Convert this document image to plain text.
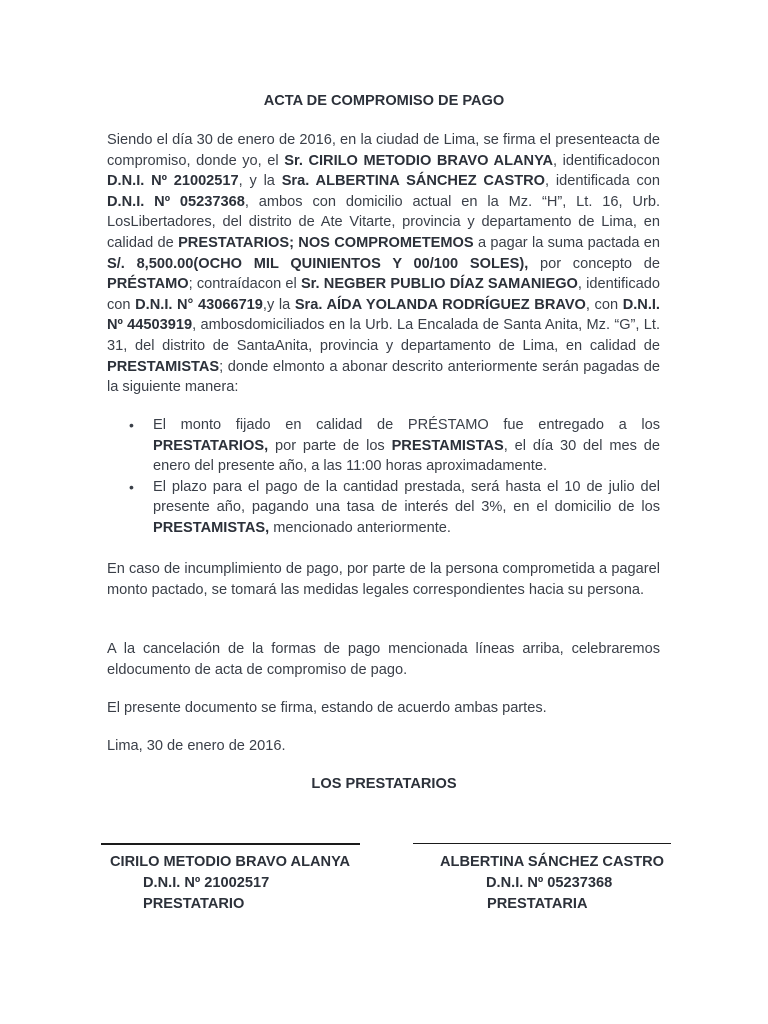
ACTA DE COMPROMISO DE PAGO

Siendo el día 30 de enero de 2016, en la ciudad de Lima, se firma el presenteacta de compromiso, donde yo, el Sr. CIRILO METODIO BRAVO ALANYA, identificadocon D.N.I. Nº 21002517, y la Sra. ALBERTINA SÁNCHEZ CASTRO, identificada con D.N.I. Nº 05237368, ambos con domicilio actual en la Mz. “H”, Lt. 16, Urb. LosLibertadores, del distrito de Ate Vitarte, provincia y departamento de Lima, en calidad de PRESTATARIOS; NOS COMPROMETEMOS a pagar la suma pactada en S/. 8,500.00(OCHO MIL QUINIENTOS Y 00/100 SOLES), por concepto de PRÉSTAMO; contraídacon el Sr. NEGBER PUBLIO DÍAZ SAMANIEGO, identificado con D.N.I. N° 43066719,y la Sra. AÍDA YOLANDA RODRÍGUEZ BRAVO, con D.N.I. Nº 44503919, ambosdomiciliados en la Urb. La Encalada de Santa Anita, Mz. “G”, Lt. 31, del distrito de SantaAnita, provincia y departamento de Lima, en calidad de PRESTAMISTAS; donde elmonto a abonar descrito anteriormente serán pagadas de la siguiente manera:

• El monto fijado en calidad de PRÉSTAMO fue entregado a los PRESTATARIOS, por parte de los PRESTAMISTAS, el día 30 del mes de enero del presente año, a las 11:00 horas aproximadamente.
• El plazo para el pago de la cantidad prestada, será hasta el 10 de julio del presente año, pagando una tasa de interés del 3%, en el domicilio de los PRESTAMISTAS, mencionado anteriormente.

En caso de incumplimiento de pago, por parte de la persona comprometida a pagarel monto pactado, se tomará las medidas legales correspondientes hacia su persona.

A la cancelación de la formas de pago mencionada líneas arriba, celebraremos eldocumento de acta de compromiso de pago.

El presente documento se firma, estando de acuerdo ambas partes.

Lima, 30 de enero de 2016.

LOS PRESTATARIOS
CIRILO METODIO BRAVO ALANYA
D.N.I. Nº 21002517
PRESTATARIO
ALBERTINA SÁNCHEZ CASTRO
D.N.I. Nº 05237368
PRESTATARIA
